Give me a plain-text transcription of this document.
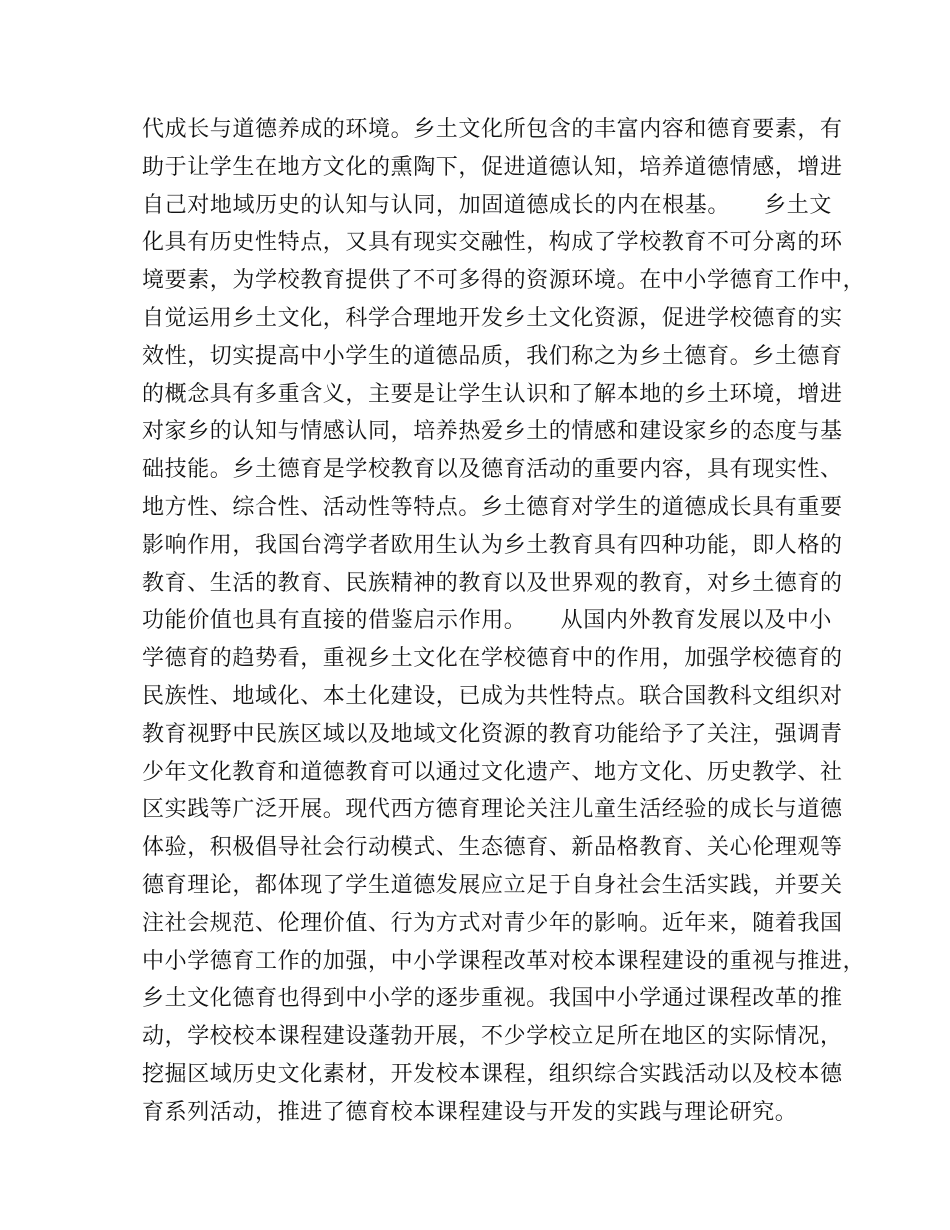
代成长与道德养成的环境。乡土文化所包含的丰富内容和德育要素，有
助于让学生在地方文化的熏陶下，促进道德认知，培养道德情感，增进
自己对地域历史的认知与认同，加固道德成长的内在根基。　　乡土文
化具有历史性特点，又具有现实交融性，构成了学校教育不可分离的环
境要素，为学校教育提供了不可多得的资源环境。在中小学德育工作中，
自觉运用乡土文化，科学合理地开发乡土文化资源，促进学校德育的实
效性，切实提高中小学生的道德品质，我们称之为乡土德育。乡土德育
的概念具有多重含义，主要是让学生认识和了解本地的乡土环境，增进
对家乡的认知与情感认同，培养热爱乡土的情感和建设家乡的态度与基
础技能。乡土德育是学校教育以及德育活动的重要内容，具有现实性、
地方性、综合性、活动性等特点。乡土德育对学生的道德成长具有重要
影响作用，我国台湾学者欧用生认为乡土教育具有四种功能，即人格的
教育、生活的教育、民族精神的教育以及世界观的教育，对乡土德育的
功能价值也具有直接的借鉴启示作用。　　从国内外教育发展以及中小
学德育的趋势看，重视乡土文化在学校德育中的作用，加强学校德育的
民族性、地域化、本土化建设，已成为共性特点。联合国教科文组织对
教育视野中民族区域以及地域文化资源的教育功能给予了关注，强调青
少年文化教育和道德教育可以通过文化遗产、地方文化、历史教学、社
区实践等广泛开展。现代西方德育理论关注儿童生活经验的成长与道德
体验，积极倡导社会行动模式、生态德育、新品格教育、关心伦理观等
德育理论，都体现了学生道德发展应立足于自身社会生活实践，并要关
注社会规范、伦理价值、行为方式对青少年的影响。近年来，随着我国
中小学德育工作的加强，中小学课程改革对校本课程建设的重视与推进，
乡土文化德育也得到中小学的逐步重视。我国中小学通过课程改革的推
动，学校校本课程建设蓬勃开展，不少学校立足所在地区的实际情况，
挖掘区域历史文化素材，开发校本课程，组织综合实践活动以及校本德
育系列活动，推进了德育校本课程建设与开发的实践与理论研究。
